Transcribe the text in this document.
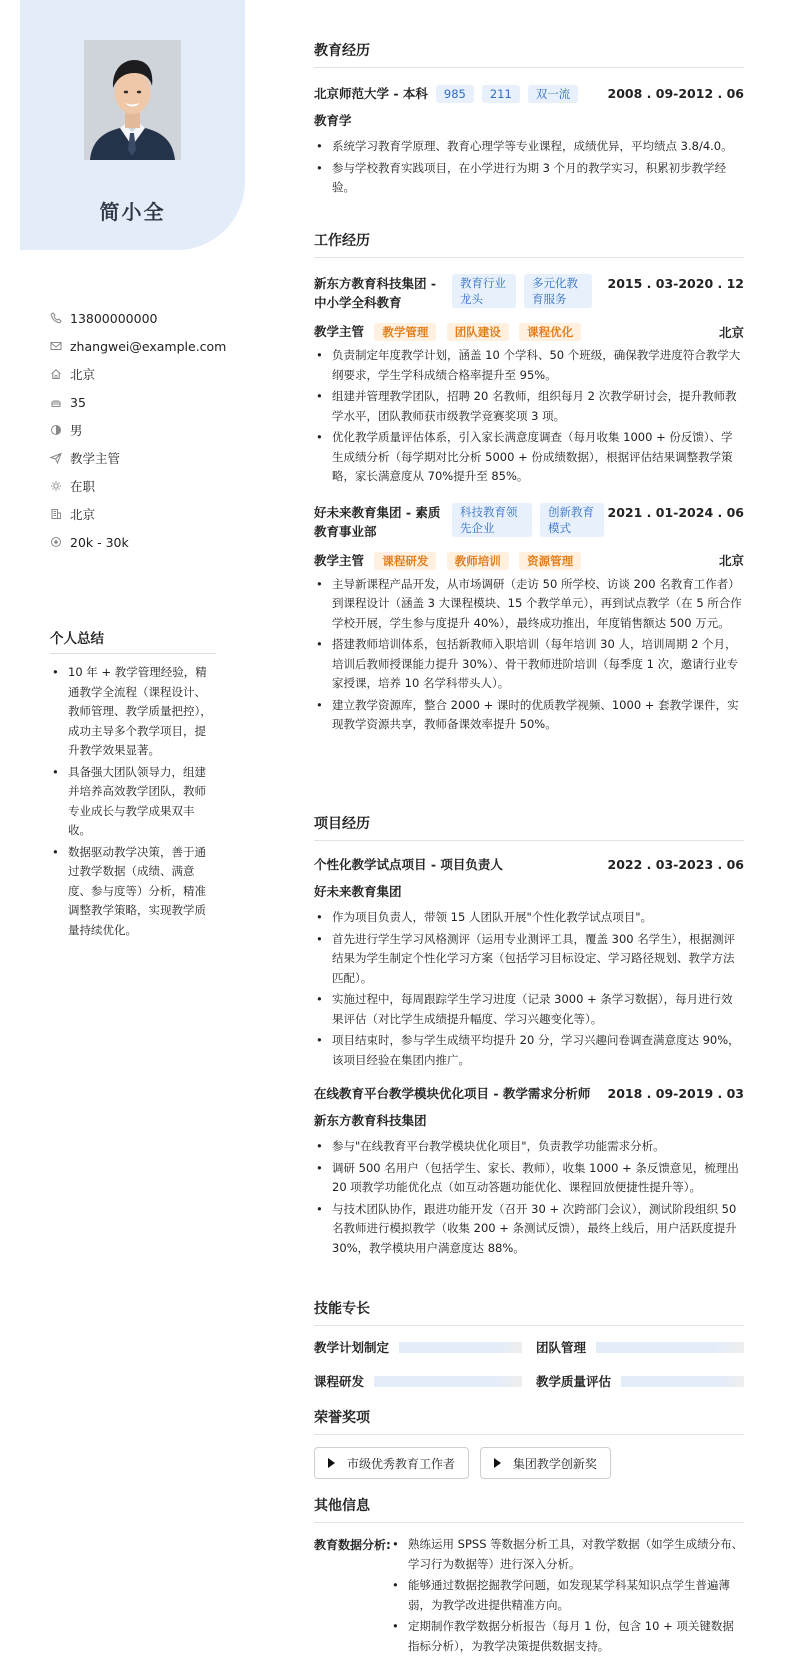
简小全
13800000000
zhangwei@example.com
北京
35
男
教学主管
在职
北京
20k - 30k
个人总结
• 10 年 + 教学管理经验，精通教学全流程（课程设计、教师管理、教学质量把控），成功主导多个教学项目，提升教学效果显著。
• 具备强大团队领导力，组建并培养高效教学团队，教师专业成长与教学成果双丰收。
• 数据驱动教学决策，善于通过教学数据（成绩、满意度、参与度等）分析，精准调整教学策略，实现教学质量持续优化。
教育经历
北京师范大学 - 本科	985	211	双一流	2008 . 09-2012 . 06
教育学
• 系统学习教育学原理、教育心理学等专业课程，成绩优异，平均绩点 3.8/4.0。
• 参与学校教育实践项目，在小学进行为期 3 个月的教学实习，积累初步教学经验。
工作经历
新东方教育科技集团 - 中小学全科教育
教育行业龙头
多元化教育服务
2015 . 03-2020 . 12
教学主管 教学管理 团队建设 课程优化	北京
• 负责制定年度教学计划，涵盖 10 个学科、50 个班级，确保教学进度符合教学大纲要求，学生学科成绩合格率提升至 95%。
• 组建并管理教学团队，招聘 20 名教师，组织每月 2 次教学研讨会，提升教师教学水平，团队教师获市级教学竞赛奖项 3 项。
• 优化教学质量评估体系，引入家长满意度调查（每月收集 1000 + 份反馈）、学生成绩分析（每学期对比分析 5000 + 份成绩数据），根据评估结果调整教学策略，家长满意度从 70%提升至 85%。
好未来教育集团 - 素质教育事业部
科技教育领先企业
创新教育模式
2021 . 01-2024 . 06
教学主管 课程研发 教师培训 资源管理	北京
• 主导新课程产品开发，从市场调研（走访 50 所学校、访谈 200 名教育工作者）到课程设计（涵盖 3 大课程模块、15 个教学单元），再到试点教学（在 5 所合作学校开展，学生参与度提升 40%），最终成功推出，年度销售额达 500 万元。
• 搭建教师培训体系，包括新教师入职培训（每年培训 30 人，培训周期 2 个月，培训后教师授课能力提升 30%）、骨干教师进阶培训（每季度 1 次，邀请行业专家授课，培养 10 名学科带头人）。
• 建立教学资源库，整合 2000 + 课时的优质教学视频、1000 + 套教学课件，实现教学资源共享，教师备课效率提升 50%。
项目经历
个性化教学试点项目 - 项目负责人	2022 . 03-2023 . 06
好未来教育集团
• 作为项目负责人，带领 15 人团队开展"个性化教学试点项目"。
• 首先进行学生学习风格测评（运用专业测评工具，覆盖 300 名学生），根据测评结果为学生制定个性化学习方案（包括学习目标设定、学习路径规划、教学方法匹配）。
• 实施过程中，每周跟踪学生学习进度（记录 3000 + 条学习数据），每月进行效果评估（对比学生成绩提升幅度、学习兴趣变化等）。
• 项目结束时，参与学生成绩平均提升 20 分，学习兴趣问卷调查满意度达 90%，该项目经验在集团内推广。
在线教育平台教学模块优化项目 - 教学需求分析师 2018 . 09-2019 . 03
新东方教育科技集团
• 参与"在线教育平台教学模块优化项目"，负责教学功能需求分析。
• 调研 500 名用户（包括学生、家长、教师），收集 1000 + 条反馈意见，梳理出 20 项教学功能优化点（如互动答题功能优化、课程回放便捷性提升等）。
• 与技术团队协作，跟进功能开发（召开 30 + 次跨部门会议），测试阶段组织 50 名教师进行模拟教学（收集 200 + 条测试反馈），最终上线后，用户活跃度提升 30%，教学模块用户满意度达 88%。
技能专长
教学计划制定	团队管理
课程研发	教学质量评估
荣誉奖项
市级优秀教育工作者
	集团教学创新奖
其他信息
教育数据分析:
•	熟练运用 SPSS 等数据分析工具，对教学数据（如学生成绩分布、学习行为数据等）进行深入分析。
• 能够通过数据挖掘教学问题，如发现某学科某知识点学生普遍薄弱，为教学改进提供精准方向。
• 定期制作教学数据分析报告（每月 1 份，包含 10 + 项关键数据指标分析），为教学决策提供数据支持。
